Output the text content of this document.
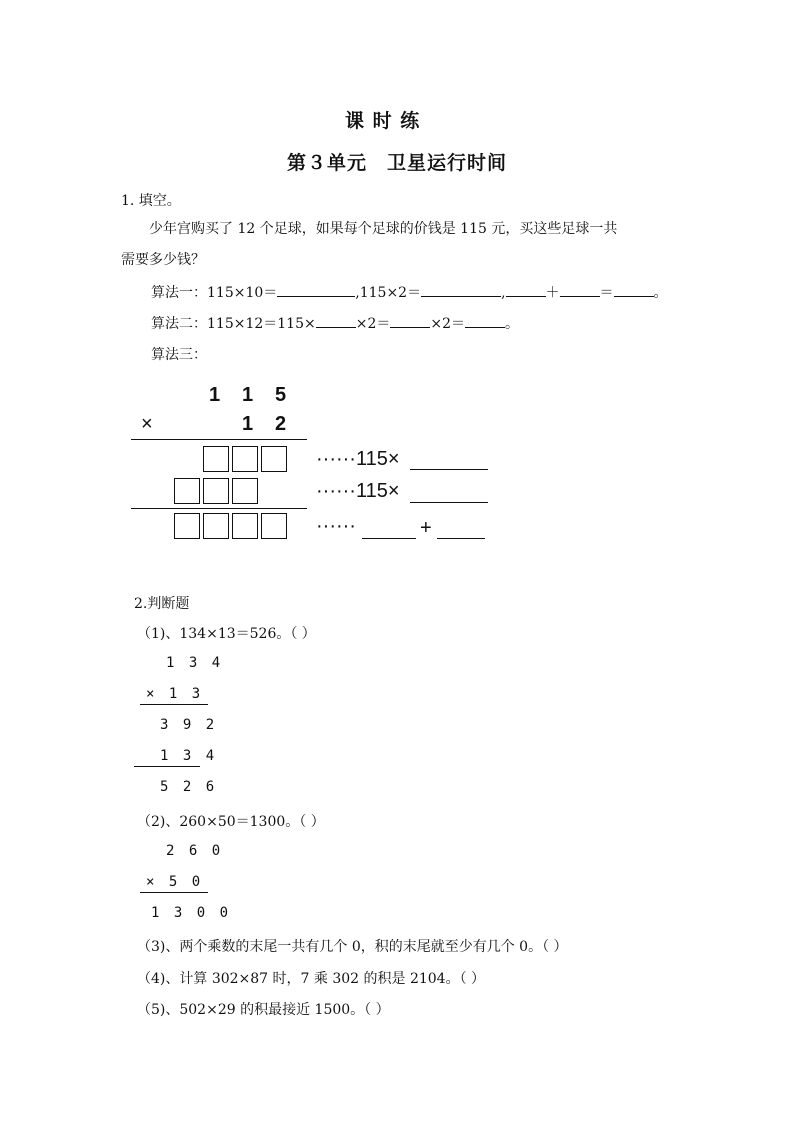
课 时 练
第３单元　卫星运行时间
1. 填空。
少年宫购买了 12 个足球，如果每个足球的价钱是 115 元，买这些足球一共
需要多少钱？
算法一：115×10＝	,115×2＝	,	＋	＝	。
算法二：115×12＝115×	×2＝	×2＝	。
算法三：
1 1 5
×	1 2
······115×
······115×
······	+
2.判断题
（1)、134×13＝526。（ ）
1 3 4
× 1 3
3 9 2
1 3 4
5 2 6
（2)、260×50＝1300。（ ）
2 6 0
× 5 0
1 3 0 0
（3)、两个乘数的末尾一共有几个 0，积的末尾就至少有几个 0。（ ）
（4)、计算 302×87 时，7 乘 302 的积是 2104。（ ）
（5)、502×29 的积最接近 1500。（ ）
